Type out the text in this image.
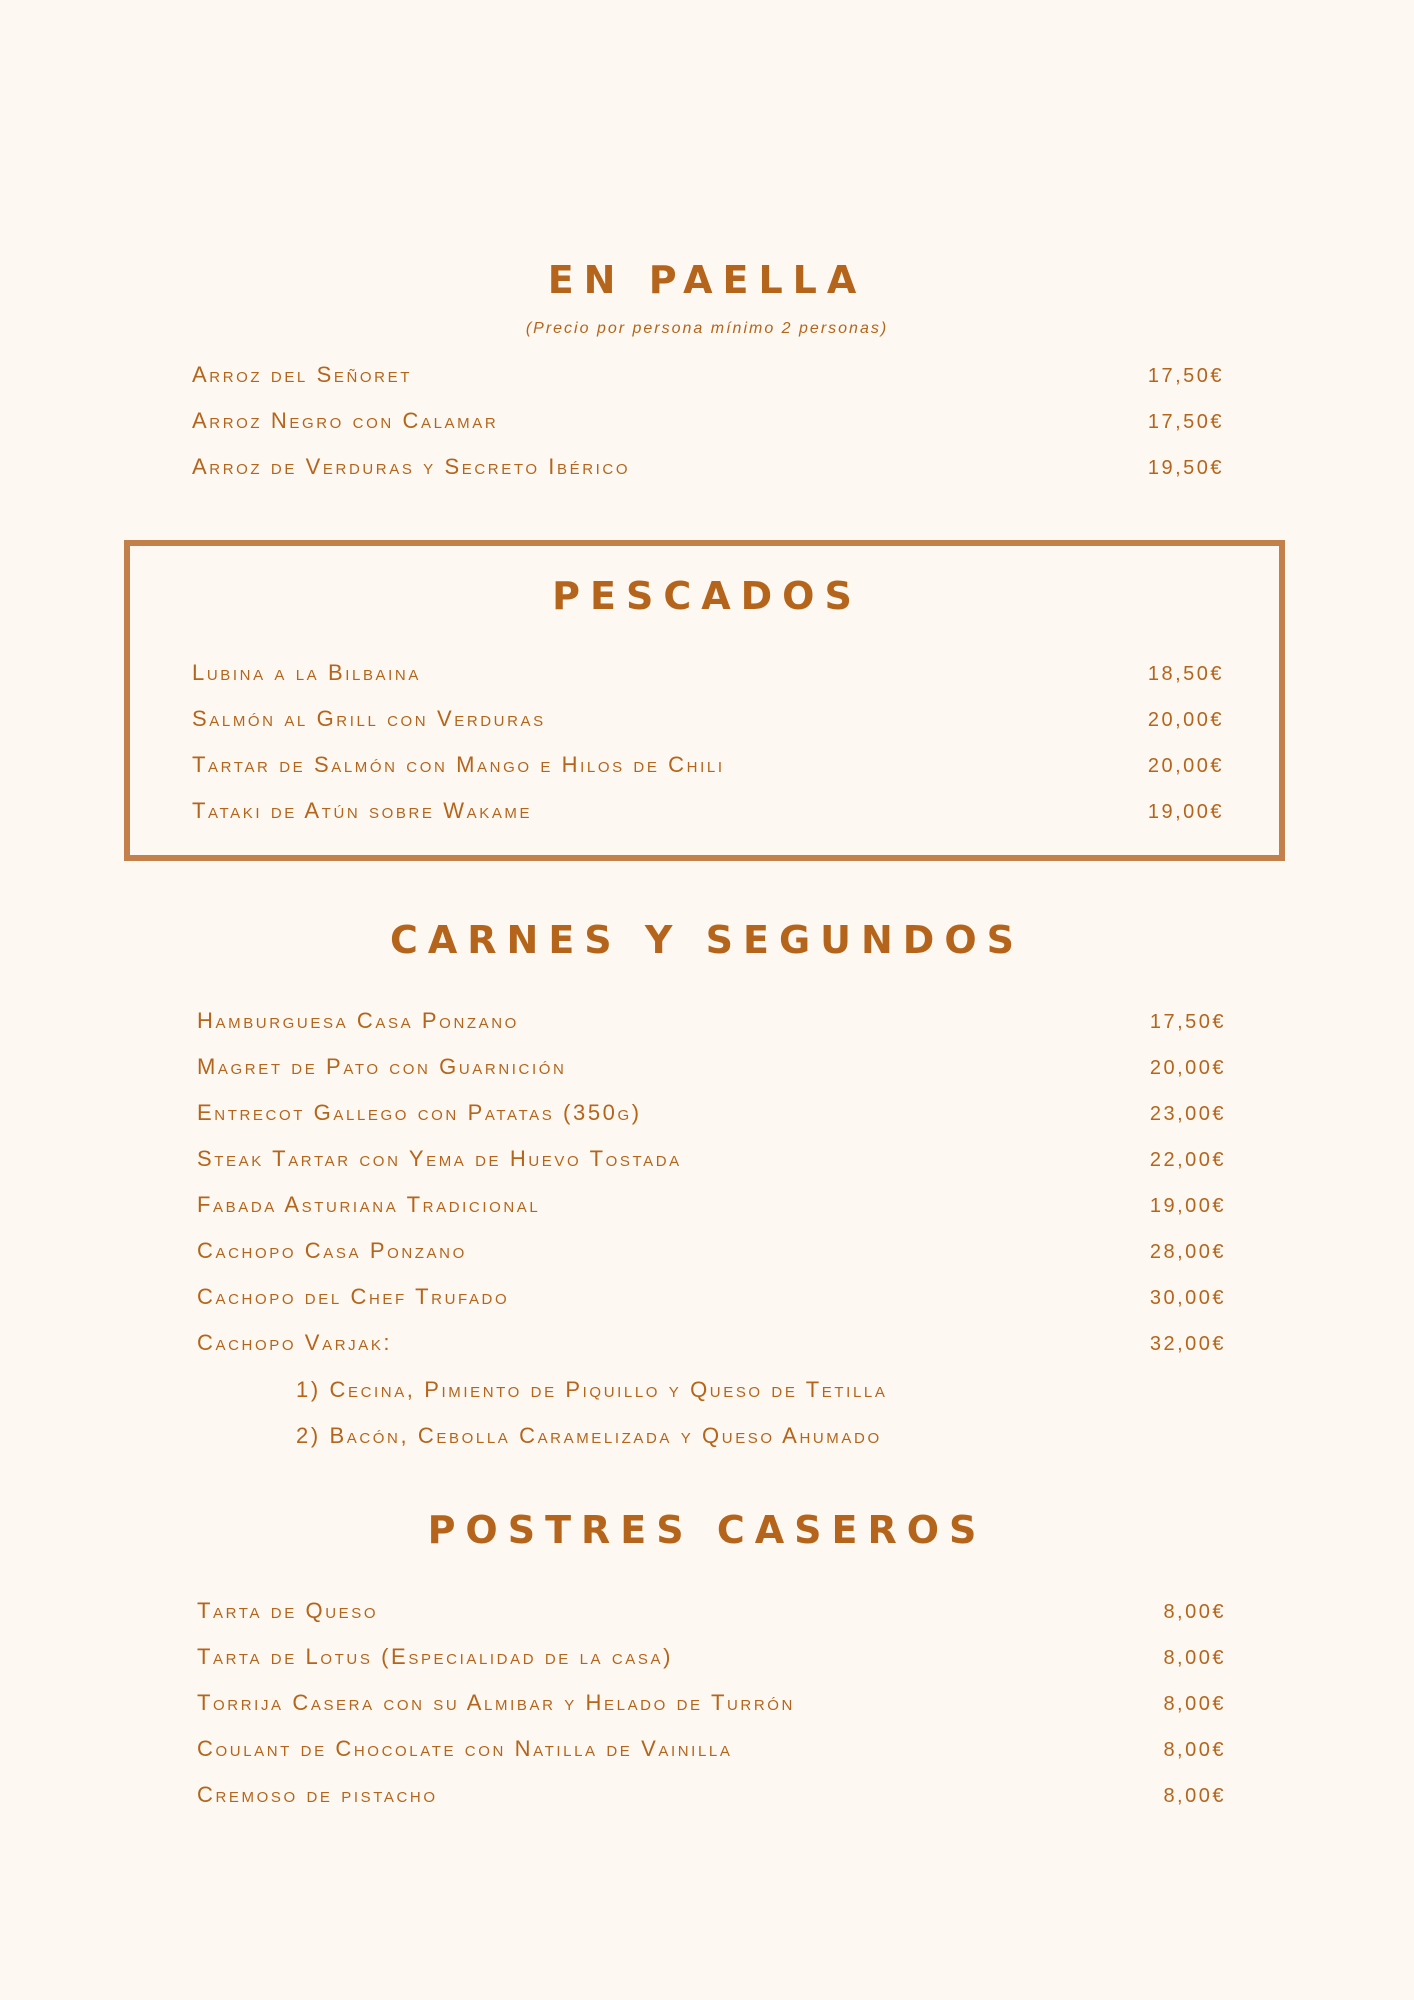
EN PAELLA
(Precio por persona mínimo 2 personas)
Arroz del Señoret	17,50€
Arroz Negro con Calamar	17,50€
Arroz de Verduras y Secreto Ibérico	19,50€
PESCADOS
Lubina a la Bilbaina	18,50€
Salmón al Grill con Verduras	20,00€
Tartar de Salmón con Mango e Hilos de Chili	20,00€
Tataki de Atún sobre Wakame	19,00€
CARNES Y SEGUNDOS
Hamburguesa Casa Ponzano	17,50€
Magret de Pato con Guarnición	20,00€
Entrecot Gallego con Patatas (350g)	23,00€
Steak Tartar con Yema de Huevo Tostada	22,00€
Fabada Asturiana Tradicional	19,00€
Cachopo Casa Ponzano	28,00€
Cachopo del Chef Trufado	30,00€
Cachopo Varjak:	32,00€
1) Cecina, Pimiento de Piquillo y Queso de Tetilla
2) Bacón, Cebolla Caramelizada y Queso Ahumado
POSTRES CASEROS
Tarta de Queso	8,00€
Tarta de Lotus (Especialidad de la casa)	8,00€
Torrija Casera con su Almibar y Helado de Turrón	8,00€
Coulant de Chocolate con Natilla de Vainilla	8,00€
Cremoso de pistacho	8,00€
